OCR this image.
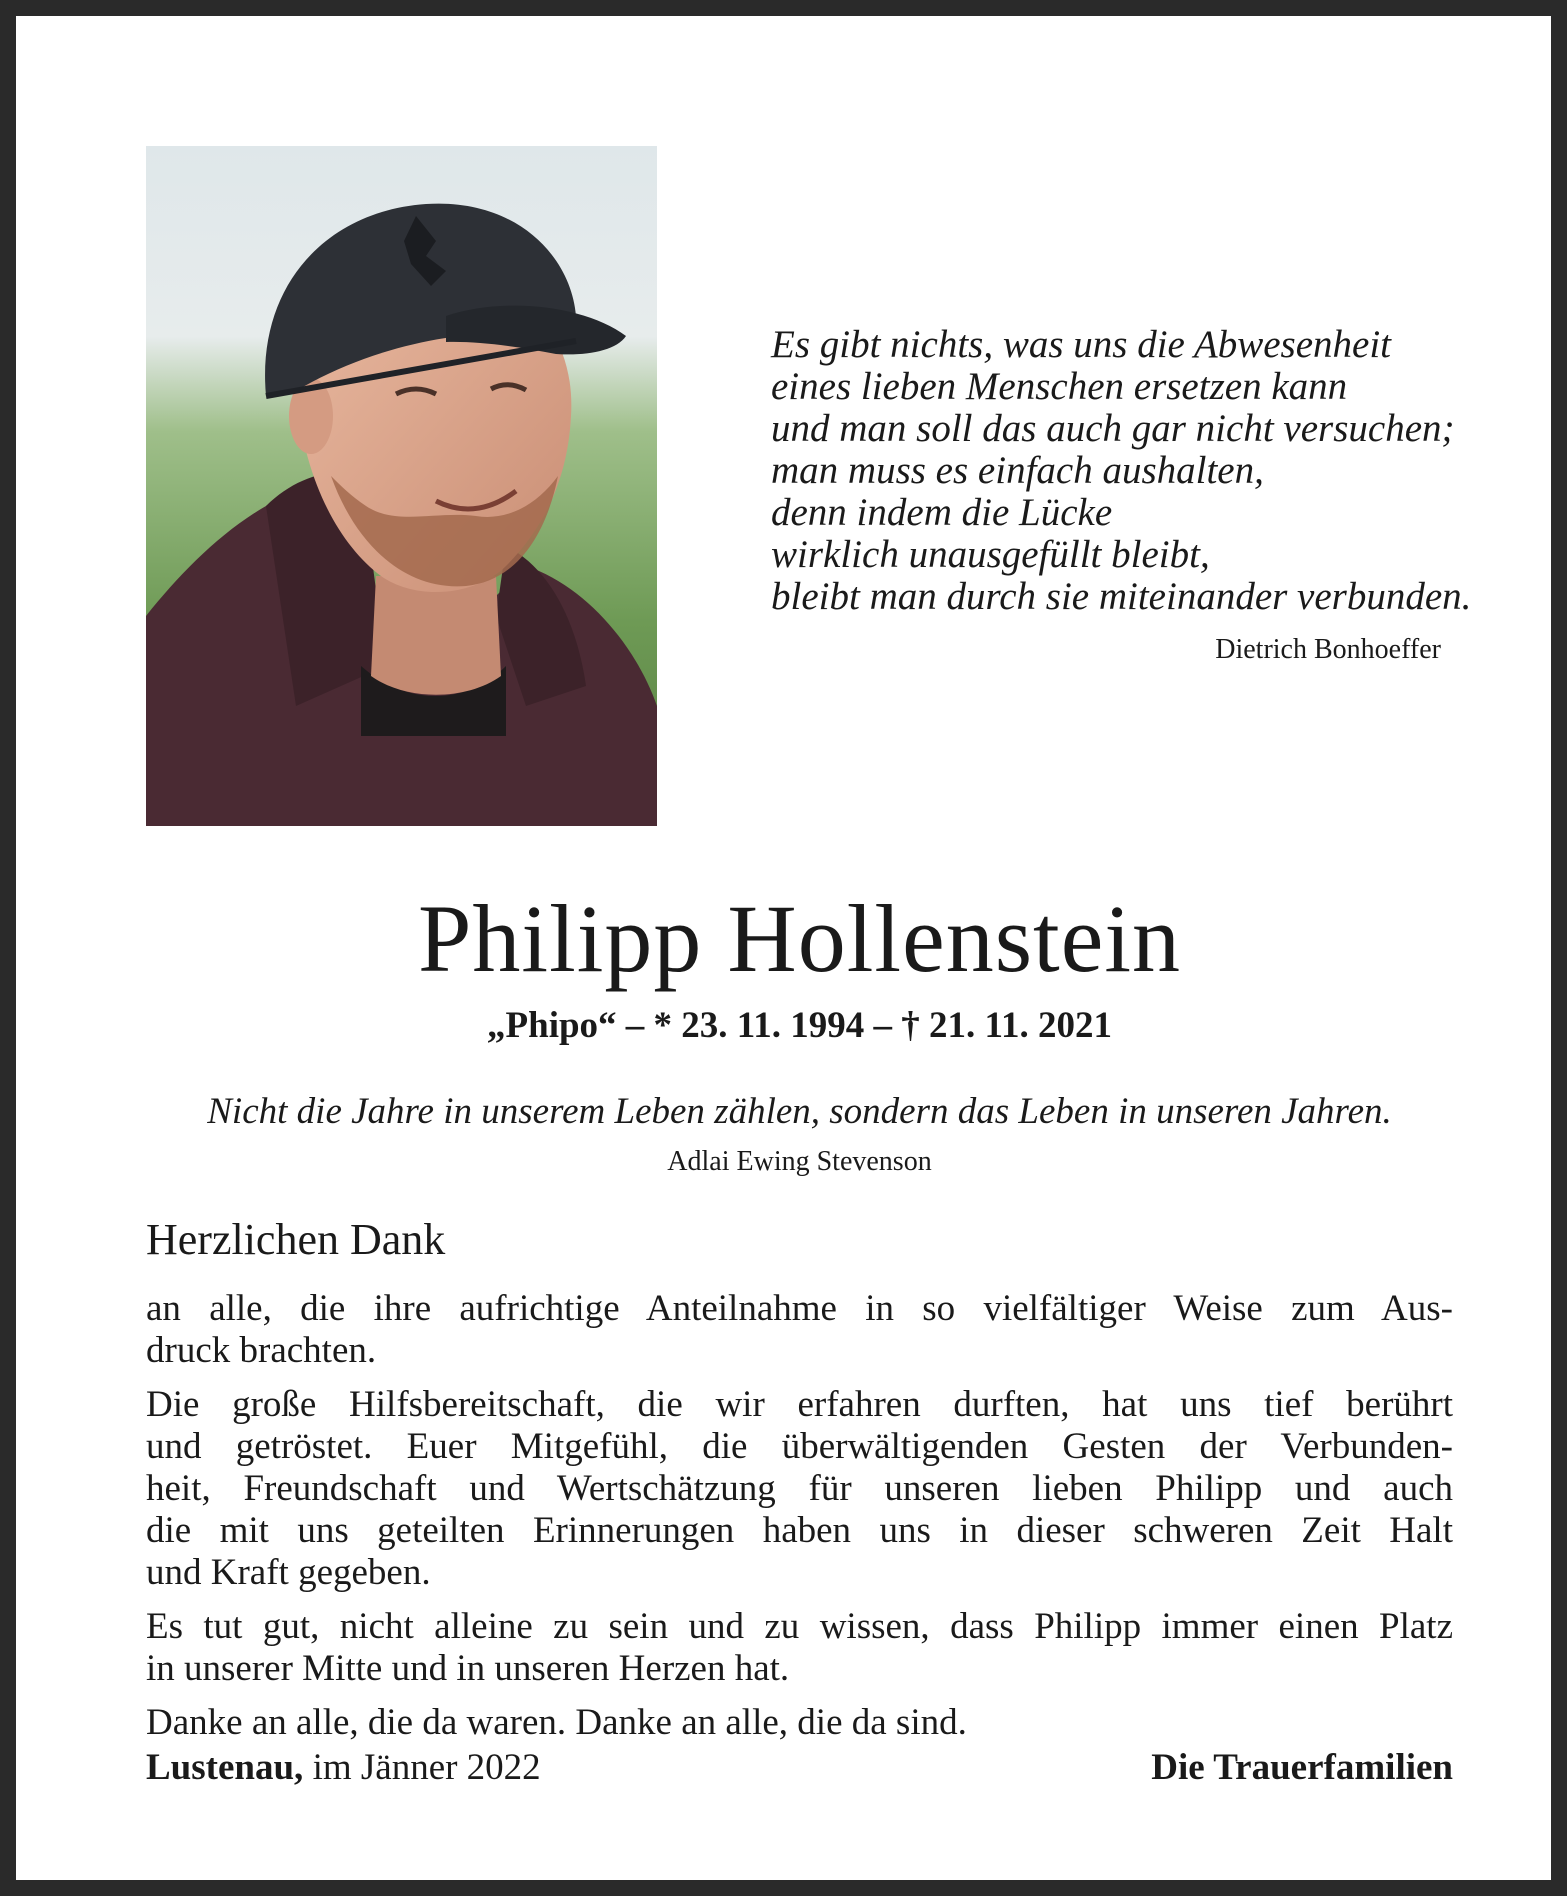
Es gibt nichts, was uns die Abwesenheit
eines lieben Menschen ersetzen kann
und man soll das auch gar nicht versuchen;
man muss es einfach aushalten,
denn indem die Lücke
wirklich unausgefüllt bleibt,
bleibt man durch sie miteinander verbunden.
Dietrich Bonhoeffer
Philipp Hollenstein
„Phipo“ – * 23. 11. 1994 – † 21. 11. 2021
Nicht die Jahre in unserem Leben zählen, sondern das Leben in unseren Jahren.
Adlai Ewing Stevenson
Herzlichen Dank

an alle, die ihre aufrichtige Anteilnahme in so vielfältiger Weise zum Aus-
druck brachten.

Die große Hilfsbereitschaft, die wir erfahren durften, hat uns tief berührt
und getröstet. Euer Mitgefühl, die überwältigenden Gesten der Verbunden-
heit, Freundschaft und Wertschätzung für unseren lieben Philipp und auch
die mit uns geteilten Erinnerungen haben uns in dieser schweren Zeit Halt
und Kraft gegeben.

Es tut gut, nicht alleine zu sein und zu wissen, dass Philipp immer einen Platz
in unserer Mitte und in unseren Herzen hat.

Danke an alle, die da waren. Danke an alle, die da sind.

Lustenau, im Jänner 2022	Die Trauerfamilien
